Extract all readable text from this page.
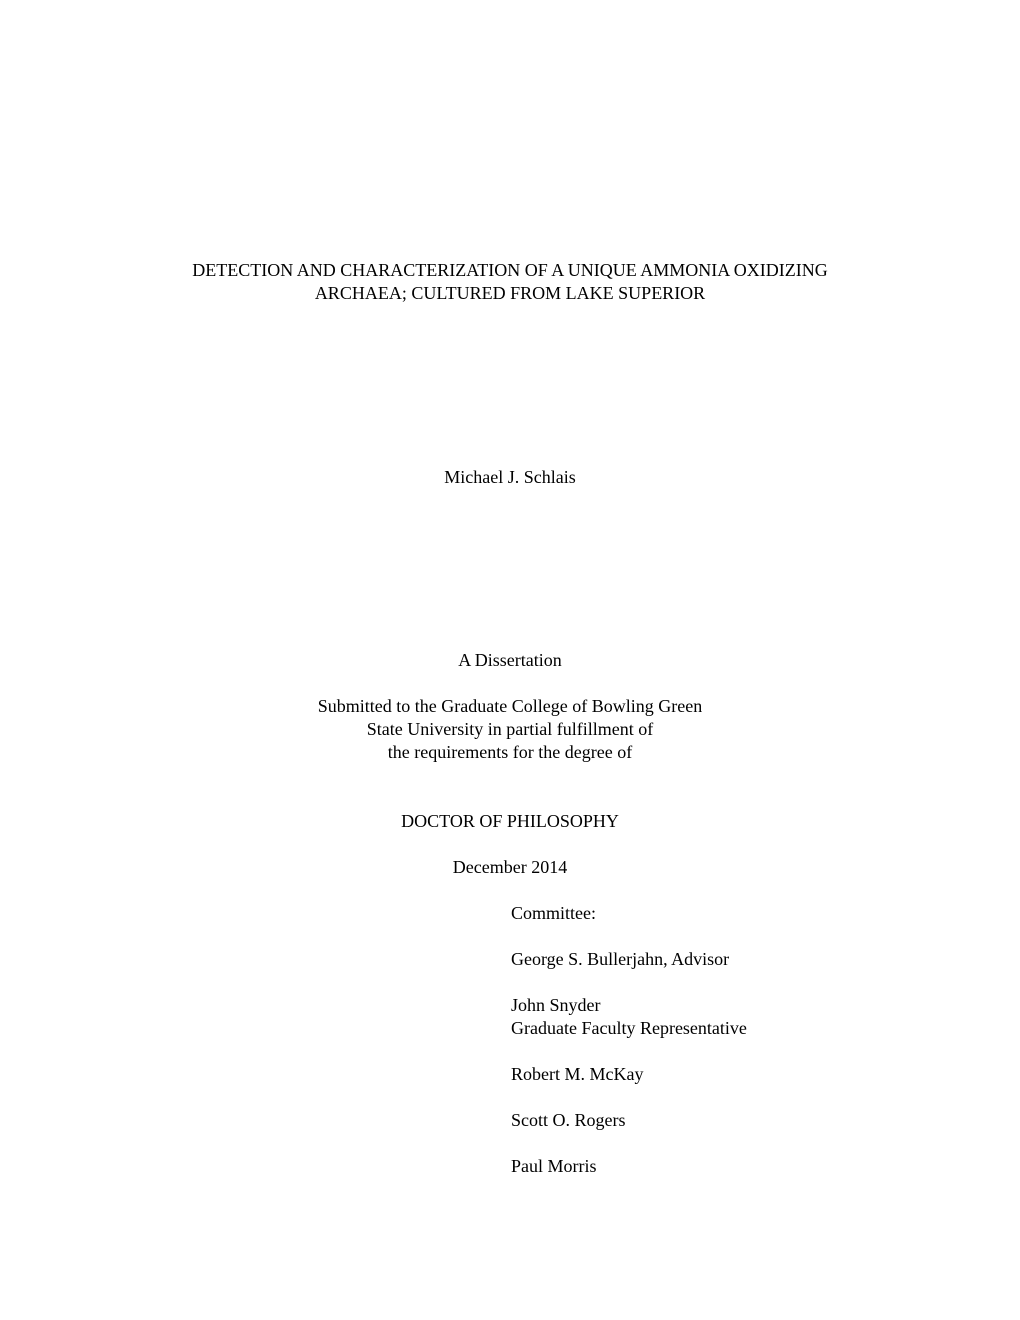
DETECTION AND CHARACTERIZATION OF A UNIQUE AMMONIA OXIDIZING
ARCHAEA; CULTURED FROM LAKE SUPERIOR
Michael J. Schlais
A Dissertation
Submitted to the Graduate College of Bowling Green
State University in partial fulfillment of
the requirements for the degree of
DOCTOR OF PHILOSOPHY
December 2014
Committee:
George S. Bullerjahn, Advisor
John Snyder
Graduate Faculty Representative
Robert M. McKay
Scott O. Rogers
Paul Morris
